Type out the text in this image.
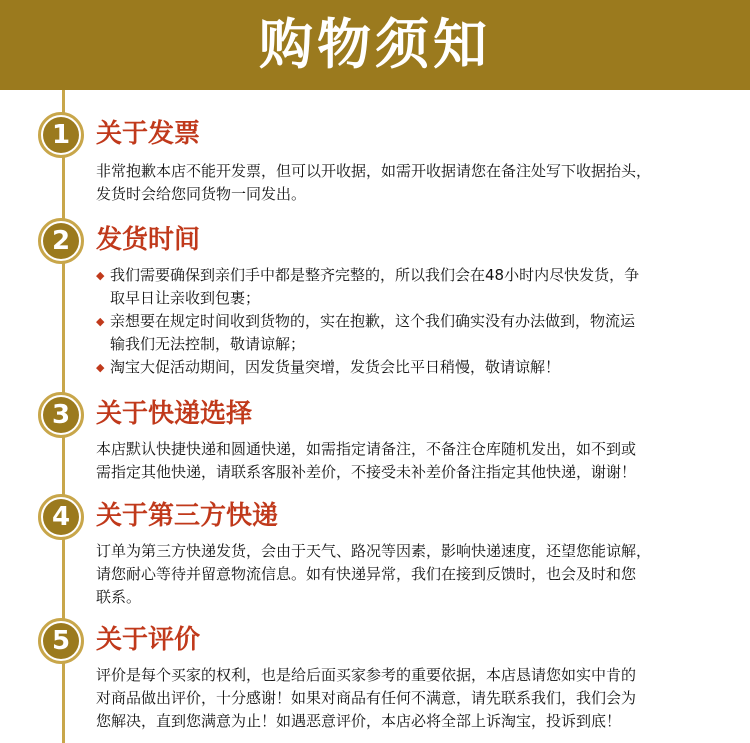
购物须知
1 关于发票

非常抱歉本店不能开发票，但可以开收据，如需开收据请您在备注处写下收据抬头，

发货时会给您同货物一同发出。

2 发货时间
◆ 我们需要确保到亲们手中都是整齐完整的，所以我们会在48小时内尽快发货，争
取早日让亲收到包裹；
◆ 亲想要在规定时间收到货物的，实在抱歉，这个我们确实没有办法做到，物流运
输我们无法控制，敬请谅解；
◆ 淘宝大促活动期间，因发货量突增，发货会比平日稍慢，敬请谅解！
3 关于快递选择

本店默认快捷快递和圆通快递，如需指定请备注，不备注仓库随机发出，如不到或

需指定其他快递，请联系客服补差价，不接受未补差价备注指定其他快递，谢谢！

4 关于第三方快递

订单为第三方快递发货，会由于天气、路况等因素，影响快递速度，还望您能谅解，

请您耐心等待并留意物流信息。如有快递异常，我们在接到反馈时，也会及时和您

联系。

5 关于评价

评价是每个买家的权利，也是给后面买家参考的重要依据，本店恳请您如实中肯的

对商品做出评价，十分感谢！如果对商品有任何不满意，请先联系我们，我们会为

您解决，直到您满意为止！如遇恶意评价，本店必将全部上诉淘宝，投诉到底！
